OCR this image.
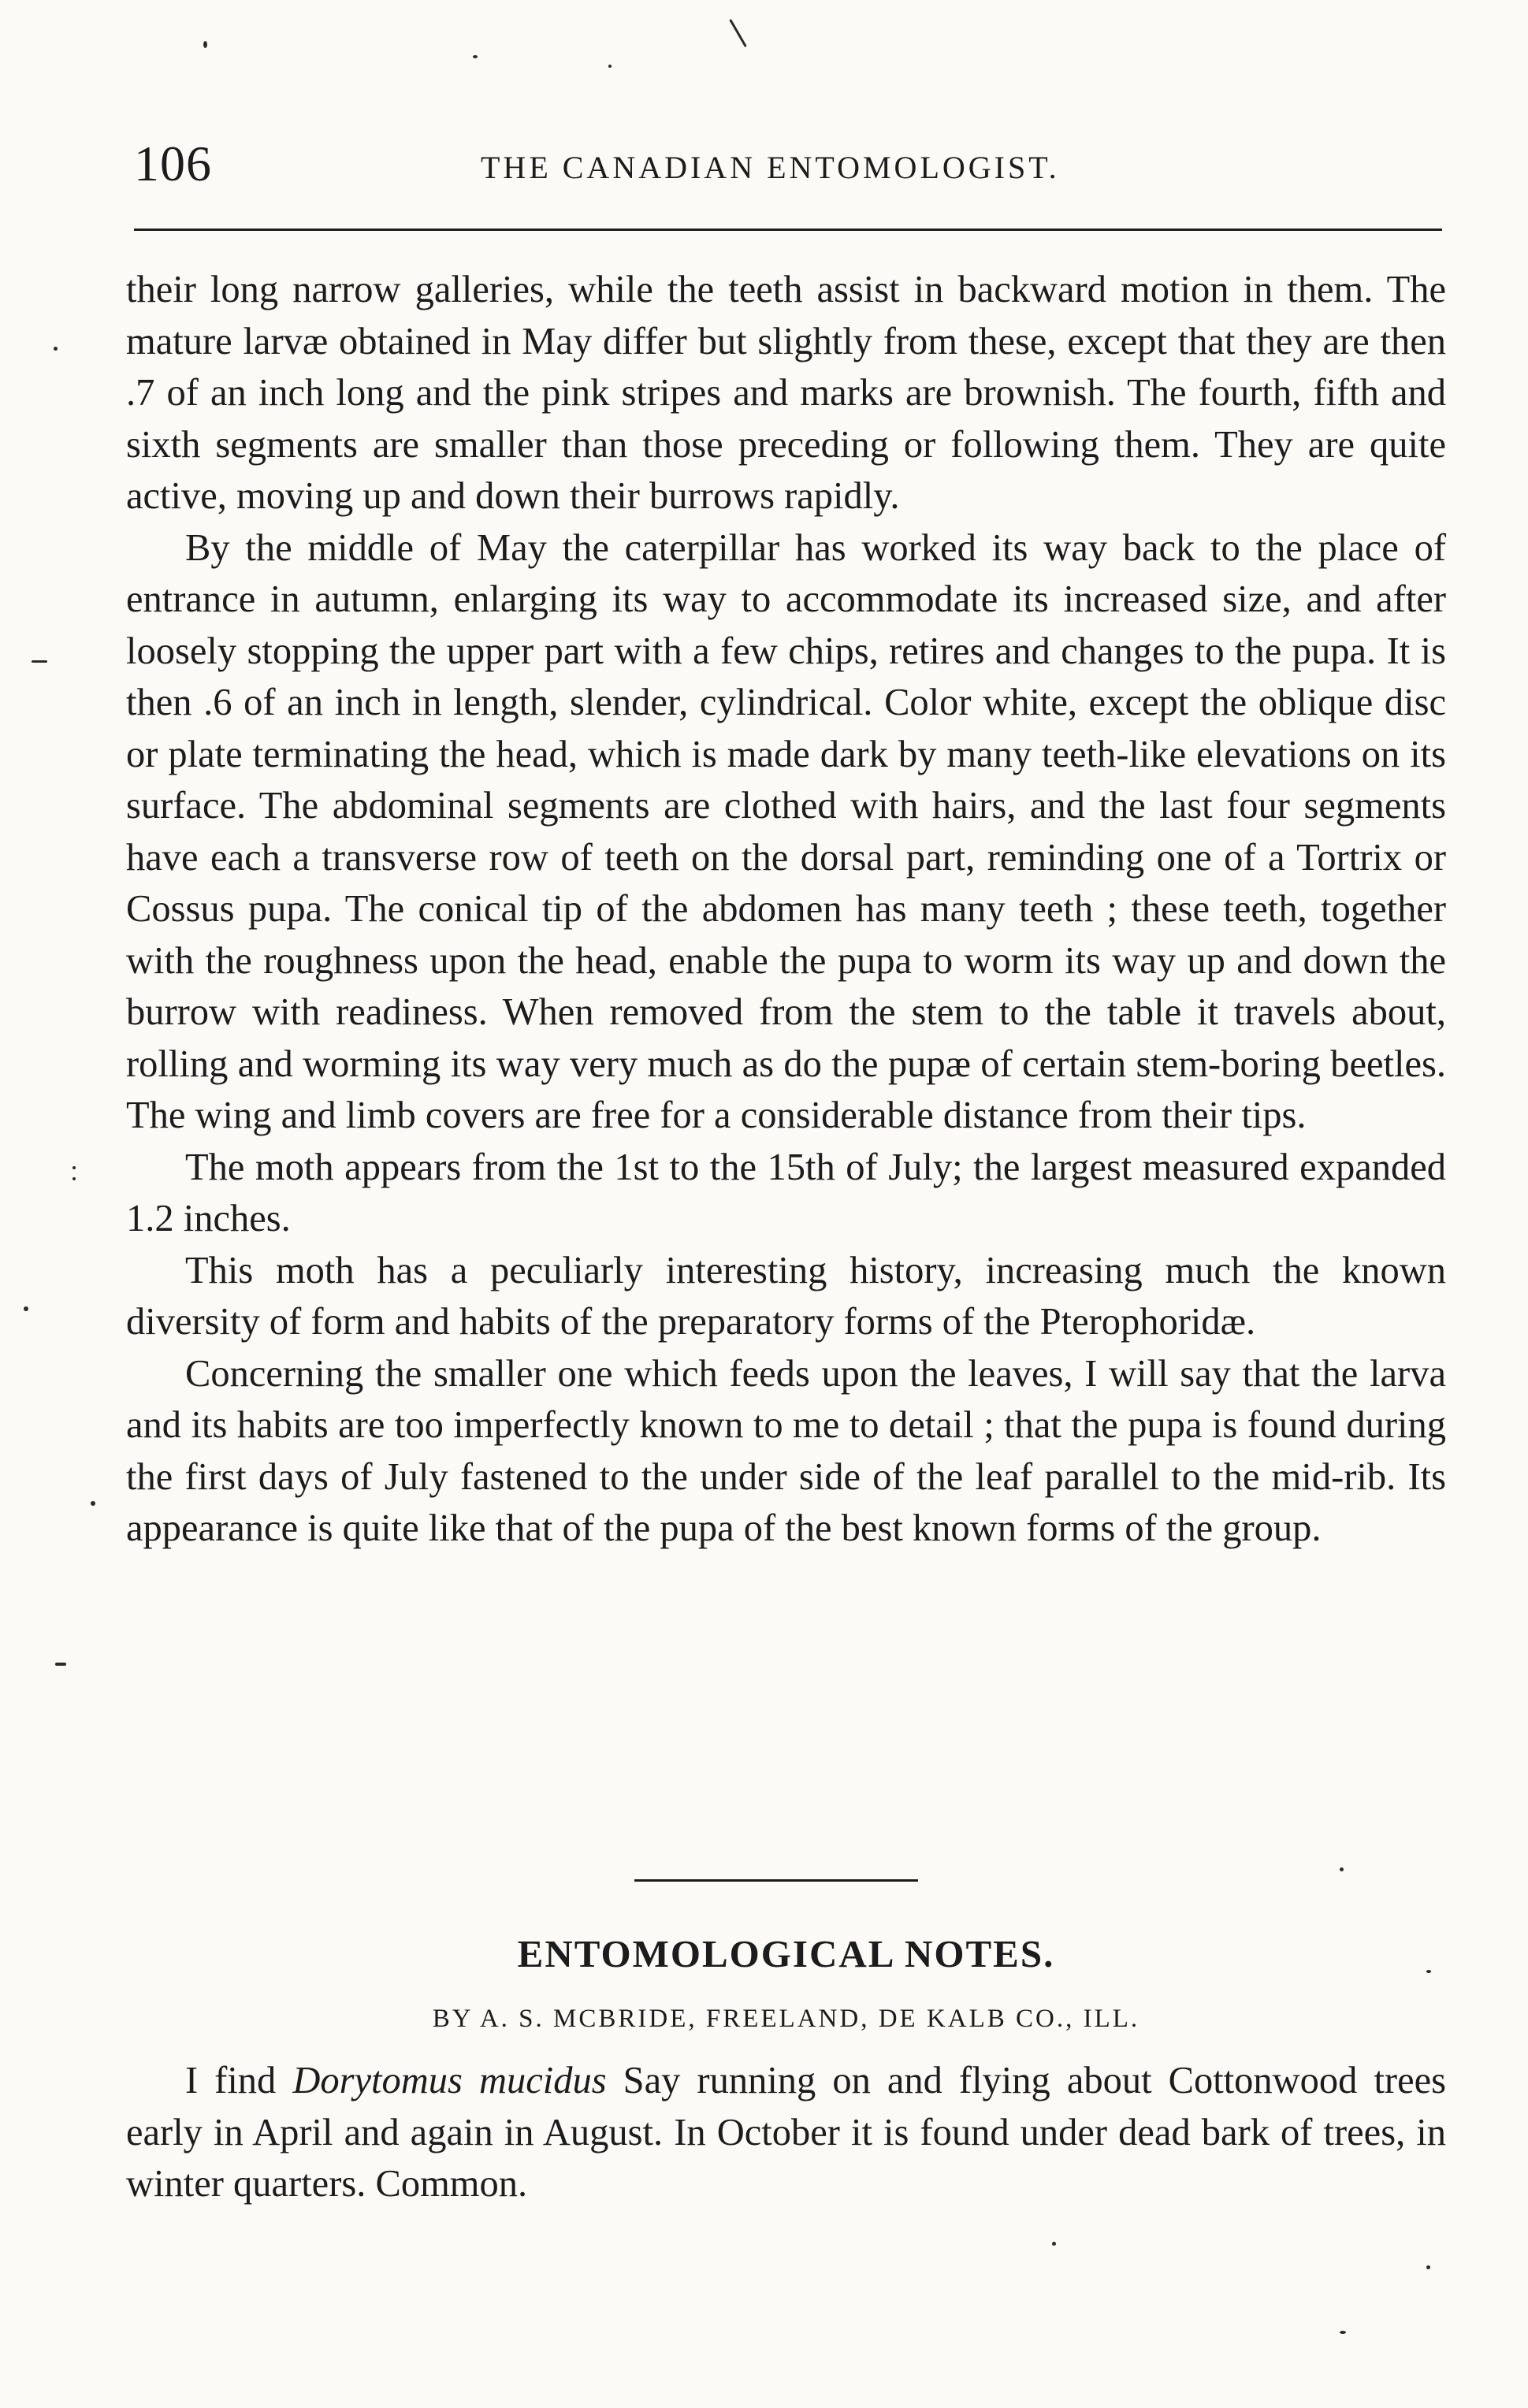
106	THE CANADIAN ENTOMOLOGIST.

their long narrow galleries, while the teeth assist in backward motion in them. The mature larvæ obtained in May differ but slightly from these, except that they are then .7 of an inch long and the pink stripes and marks are brownish. The fourth, fifth and sixth segments are smaller than those preceding or following them. They are quite active, moving up and down their burrows rapidly.

By the middle of May the caterpillar has worked its way back to the place of entrance in autumn, enlarging its way to accommodate its increased size, and after loosely stopping the upper part with a few chips, retires and changes to the pupa. It is then .6 of an inch in length, slender, cylindrical. Color white, except the oblique disc or plate terminating the head, which is made dark by many teeth-like elevations on its surface. The abdominal segments are clothed with hairs, and the last four segments have each a transverse row of teeth on the dorsal part, reminding one of a Tortrix or Cossus pupa. The conical tip of the abdomen has many teeth ; these teeth, together with the roughness upon the head, enable the pupa to worm its way up and down the burrow with readiness. When removed from the stem to the table it travels about, rolling and worming its way very much as do the pupæ of certain stem-boring beetles. The wing and limb covers are free for a considerable distance from their tips.

The moth appears from the 1st to the 15th of July; the largest measured expanded 1.2 inches.

This moth has a peculiarly interesting history, increasing much the known diversity of form and habits of the preparatory forms of the Pterophoridæ.

Concerning the smaller one which feeds upon the leaves, I will say that the larva and its habits are too imperfectly known to me to detail ; that the pupa is found during the first days of July fastened to the under side of the leaf parallel to the mid-rib. Its appearance is quite like that of the pupa of the best known forms of the group.

ENTOMOLOGICAL NOTES.
BY A. S. MCBRIDE, FREELAND, DE KALB CO., ILL.

I find Dorytomus mucidus Say running on and flying about Cottonwood trees early in April and again in August. In October it is found under dead bark of trees, in winter quarters. Common.
